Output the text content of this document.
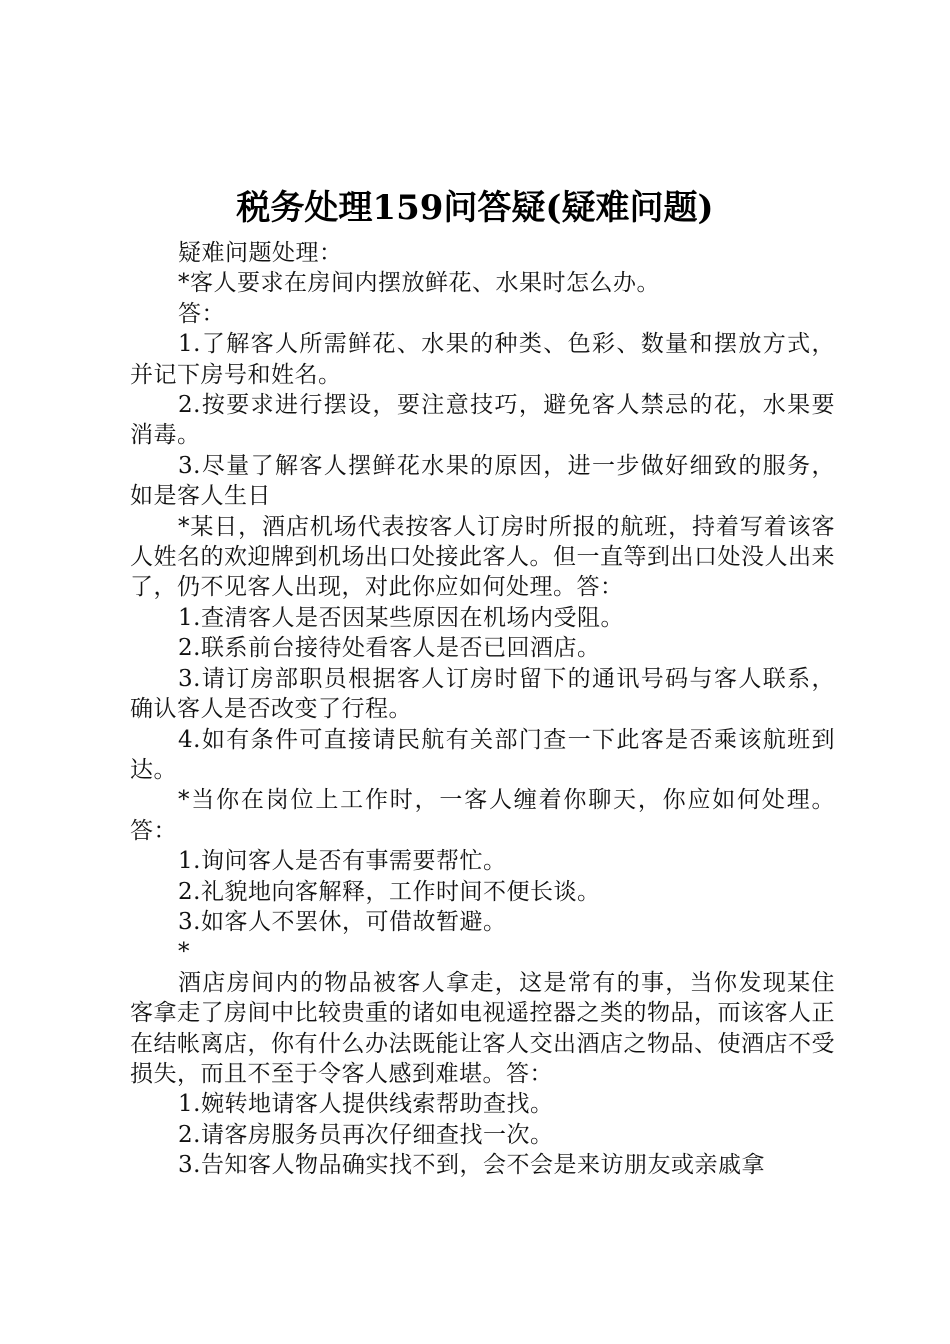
税务处理159问答疑(疑难问题)

疑难问题处理：

*客人要求在房间内摆放鲜花、水果时怎么办。

答：

1.了解客人所需鲜花、水果的种类、色彩、数量和摆放方式，并记下房号和姓名。

2.按要求进行摆设，要注意技巧，避免客人禁忌的花，水果要消毒。

3.尽量了解客人摆鲜花水果的原因，进一步做好细致的服务，如是客人生日

*某日，酒店机场代表按客人订房时所报的航班，持着写着该客人姓名的欢迎牌到机场出口处接此客人。但一直等到出口处没人出来了，仍不见客人出现，对此你应如何处理。答：

1.查清客人是否因某些原因在机场内受阻。

2.联系前台接待处看客人是否已回酒店。

3.请订房部职员根据客人订房时留下的通讯号码与客人联系，确认客人是否改变了行程。

4.如有条件可直接请民航有关部门查一下此客是否乘该航班到达。

*当你在岗位上工作时，一客人缠着你聊天，你应如何处理。答：

1.询问客人是否有事需要帮忙。

2.礼貌地向客解释，工作时间不便长谈。

3.如客人不罢休，可借故暂避。

*

酒店房间内的物品被客人拿走，这是常有的事，当你发现某住客拿走了房间中比较贵重的诸如电视遥控器之类的物品，而该客人正在结帐离店，你有什么办法既能让客人交出酒店之物品、使酒店不受损失，而且不至于令客人感到难堪。答：

1.婉转地请客人提供线索帮助查找。

2.请客房服务员再次仔细查找一次。

3.告知客人物品确实找不到，会不会是来访朋友或亲戚拿
